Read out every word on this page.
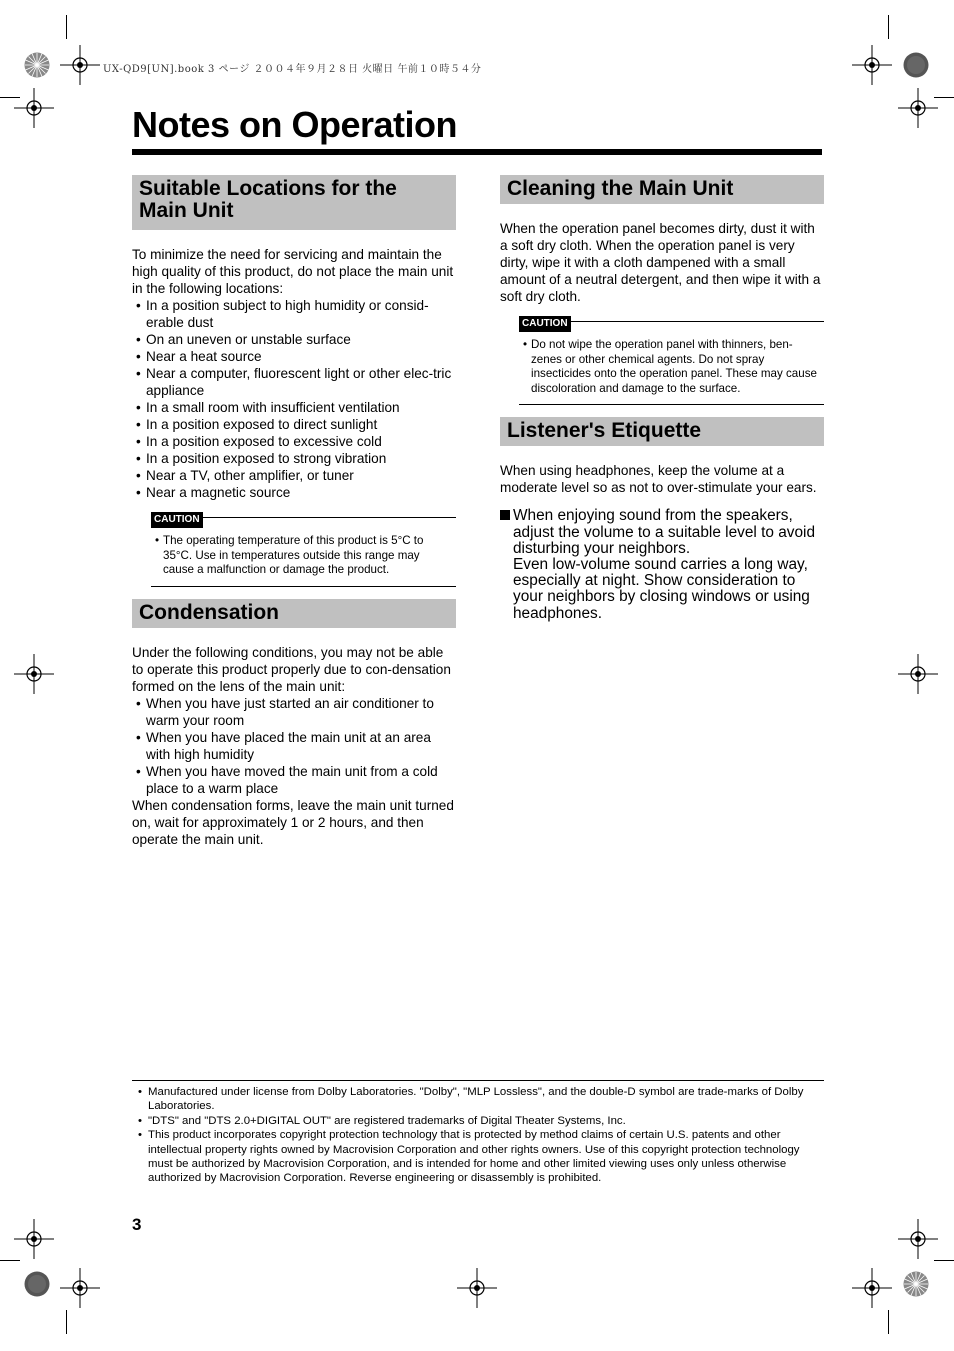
UX-QD9[UN].book 3 ページ ２００４年９月２８日 火曜日 午前１０時５４分
Notes on Operation
Suitable Locations for the Main Unit

To minimize the need for servicing and maintain the high quality of this product, do not place the main unit in the following locations:

• In a position subject to high humidity or consid-erable dust
• On an uneven or unstable surface
• Near a heat source
• Near a computer, fluorescent light or other elec-tric appliance
• In a small room with insufficient ventilation
• In a position exposed to direct sunlight
• In a position exposed to excessive cold
• In a position exposed to strong vibration
• Near a TV, other amplifier, or tuner
• Near a magnetic source
CAUTION

• The operating temperature of this product is 5°C to 35°C. Use in temperatures outside this range may cause a malfunction or damage the product.

Condensation

Under the following conditions, you may not be able to operate this product properly due to con-densation formed on the lens of the main unit:

• When you have just started an air conditioner to warm your room
• When you have placed the main unit at an area with high humidity
• When you have moved the main unit from a cold place to a warm place

When condensation forms, leave the main unit turned on, wait for approximately 1 or 2 hours, and then operate the main unit.

Cleaning the Main Unit

When the operation panel becomes dirty, dust it with a soft dry cloth. When the operation panel is very dirty, wipe it with a cloth dampened with a small amount of a neutral detergent, and then wipe it with a soft dry cloth.

CAUTION

• Do not wipe the operation panel with thinners, ben-zenes or other chemical agents. Do not spray insecticides onto the operation panel. These may cause discoloration and damage to the surface.

Listener's Etiquette

When using headphones, keep the volume at a moderate level so as not to over-stimulate your ears.

When enjoying sound from the speakers, adjust the volume to a suitable level to avoid disturbing your neighbors.
Even low-volume sound carries a long way, especially at night. Show consideration to your neighbors by closing windows or using headphones.
• Manufactured under license from Dolby Laboratories. "Dolby", "MLP Lossless", and the double-D symbol are trade-marks of Dolby Laboratories.
• "DTS" and "DTS 2.0+DIGITAL OUT" are registered trademarks of Digital Theater Systems, Inc.
• This product incorporates copyright protection technology that is protected by method claims of certain U.S. patents and other intellectual property rights owned by Macrovision Corporation and other rights owners. Use of this copyright protection technology must be authorized by Macrovision Corporation, and is intended for home and other limited viewing uses only unless otherwise authorized by Macrovision Corporation. Reverse engineering or disassembly is prohibited.
3
